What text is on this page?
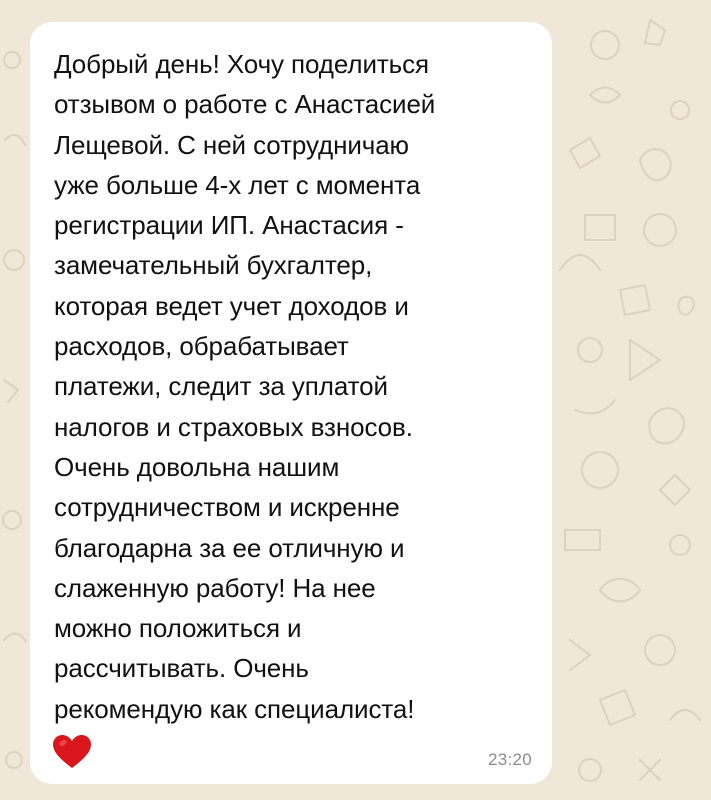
Добрый день! Хочу поделиться
отзывом о работе с Анастасией
Лещевой. С ней сотрудничаю
уже больше 4-х лет с момента
регистрации ИП. Анастасия -
замечательный бухгалтер,
которая ведет учет доходов и
расходов, обрабатывает
платежи, следит за уплатой
налогов и страховых взносов.
Очень довольна нашим
сотрудничеством и искренне
благодарна за ее отличную и
слаженную работу! На нее
можно положиться и
рассчитывать. Очень
рекомендую как специалиста!
23:20
